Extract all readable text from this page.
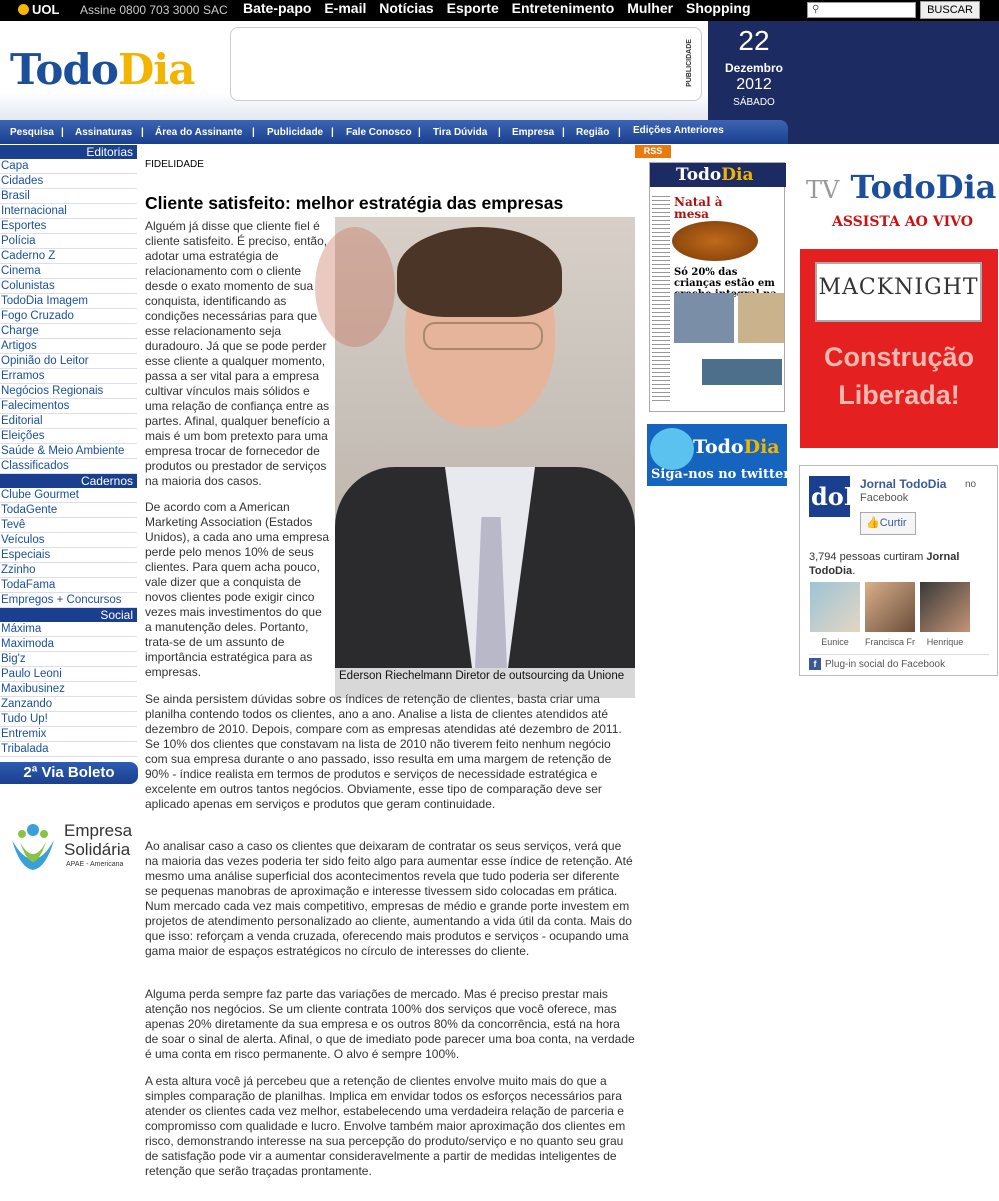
UOL Assine 0800 703 3000 SAC Bate-papo E-mail Notícias Esporte Entretenimento Mulher Shopping	⚲	BUSCAR
TodoDia	PUBLICIDADE	22
Dezembro
2012
SÁBADO
Pesquisa | Assinaturas | Área do Assinante | Publicidade | Fale Conosco | Tira Dúvida | Empresa | Região | Edições Anteriores
Editorias
Capa
Cidades
Brasil
Internacional
Esportes
Polícia
Caderno Z
Cinema
Colunistas
TodoDia Imagem
Fogo Cruzado
Charge
Artigos
Opinião do Leitor
Erramos
Negócios Regionais
Falecimentos
Editorial
Eleições
Saúde & Meio Ambiente
Classificados
Cadernos
Clube Gourmet
TodaGente
Tevê
Veículos
Especiais
Zzinho
TodaFama
Empregos + Concursos
Social
Máxima
Maximoda
Big'z
Paulo Leoni
Maxibusinez
Zanzando
Tudo Up!
Entremix
Tribalada
2ª Via Boleto
Empresa
Solidária
APAE - Americana
FIDELIDADE
Cliente satisfeito: melhor estratégia das empresas
Alguém já disse que cliente fiel é cliente satisfeito. É preciso, então, adotar uma estratégia de relacionamento com o cliente desde o exato momento de sua conquista, identificando as condições necessárias para que esse relacionamento seja duradouro. Já que se pode perder esse cliente a qualquer momento, passa a ser vital para a empresa cultivar vínculos mais sólidos e uma relação de confiança entre as partes. Afinal, qualquer benefício a mais é um bom pretexto para uma empresa trocar de fornecedor de produtos ou prestador de serviços na maioria dos casos.
De acordo com a American Marketing Association (Estados Unidos), a cada ano uma empresa perde pelo menos 10% de seus clientes. Para quem acha pouco, vale dizer que a conquista de novos clientes pode exigir cinco vezes mais investimentos do que a manutenção deles. Portanto, trata-se de um assunto de importância estratégica para as empresas.	Ederson Riechelmann Diretor de outsourcing da Unione
Se ainda persistem dúvidas sobre os índices de retenção de clientes, basta criar uma planilha contendo todos os clientes, ano a ano. Analise a lista de clientes atendidos até dezembro de 2010. Depois, compare com as empresas atendidas até dezembro de 2011. Se 10% dos clientes que constavam na lista de 2010 não tiverem feito nenhum negócio com sua empresa durante o ano passado, isso resulta em uma margem de retenção de 90% - índice realista em termos de produtos e serviços de necessidade estratégica e excelente em outros tantos negócios. Obviamente, esse tipo de comparação deve ser aplicado apenas em serviços e produtos que geram continuidade.
Ao analisar caso a caso os clientes que deixaram de contratar os seus serviços, verá que na maioria das vezes poderia ter sido feito algo para aumentar esse índice de retenção. Até mesmo uma análise superficial dos acontecimentos revela que tudo poderia ser diferente se pequenas manobras de aproximação e interesse tivessem sido colocadas em prática. Num mercado cada vez mais competitivo, empresas de médio e grande porte investem em projetos de atendimento personalizado ao cliente, aumentando a vida útil da conta. Mais do que isso: reforçam a venda cruzada, oferecendo mais produtos e serviços - ocupando uma gama maior de espaços estratégicos no círculo de interesses do cliente.
Alguma perda sempre faz parte das variações de mercado. Mas é preciso prestar mais atenção nos negócios. Se um cliente contrata 100% dos serviços que você oferece, mas apenas 20% diretamente da sua empresa e os outros 80% da concorrência, está na hora de soar o sinal de alerta. Afinal, o que de imediato pode parecer uma boa conta, na verdade é uma conta em risco permanente. O alvo é sempre 100%.
A esta altura você já percebeu que a retenção de clientes envolve muito mais do que a simples comparação de planilhas. Implica em envidar todos os esforços necessários para atender os clientes cada vez melhor, estabelecendo uma verdadeira relação de parceria e compromisso com qualidade e lucro. Envolve também maior aproximação dos clientes em risco, demonstrando interesse na sua percepção do produto/serviço e no quanto seu grau de satisfação pode vir a aumentar consideravelmente a partir de medidas inteligentes de retenção que serão traçadas prontamente.
RSS
TodoDia
Natal à mesa
Só 20% das crianças estão em
TodoDia
Siga-nos no twitter
TV TodoDia
ASSISTA AO VIVO
MACKNIGHT
Construção
Liberada!
doD
Jornal TodoDia no
Facebook
👍Curtir
3,794 pessoas curtiram Jornal TodoDia.
Eunice	Francisca Fr	Henrique
f Plug-in social do Facebook
